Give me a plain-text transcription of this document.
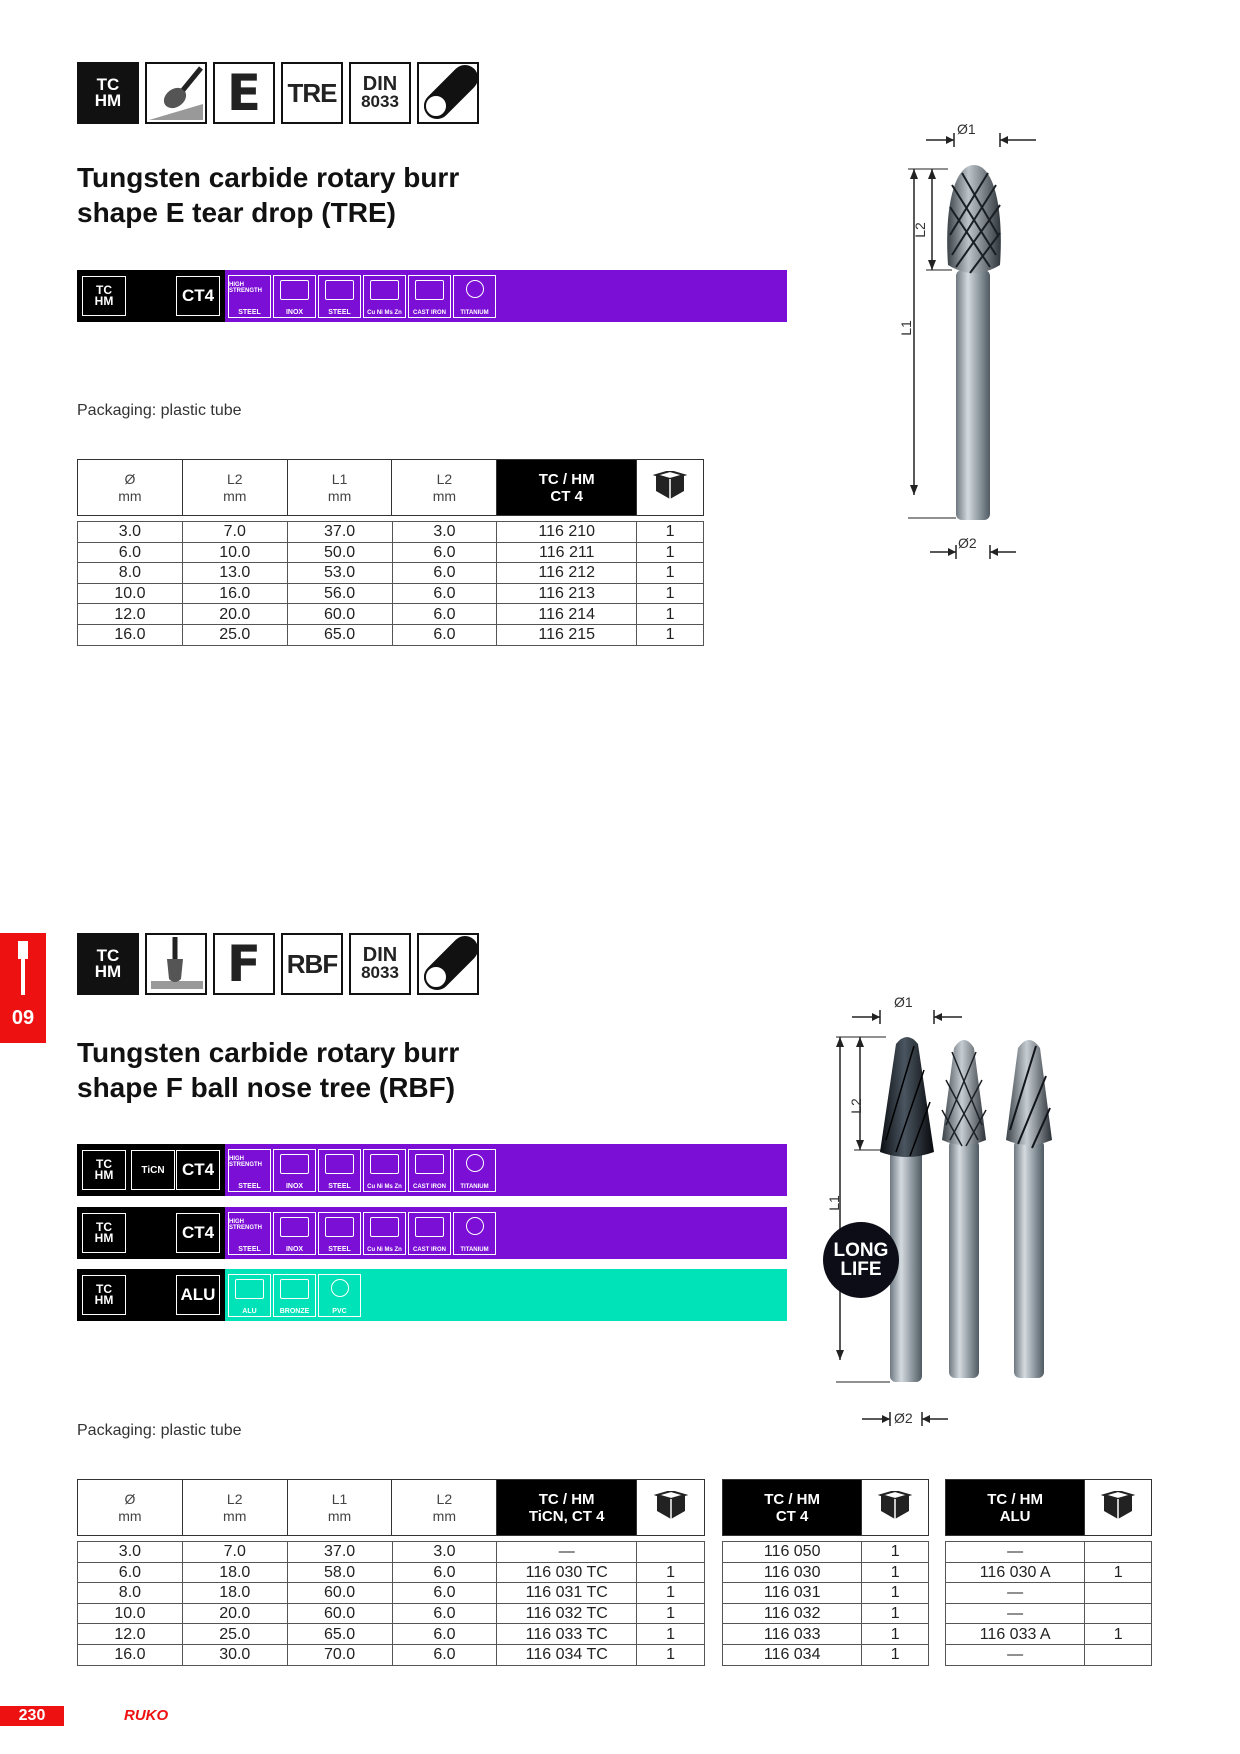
TC
HM E TRE DIN
8033
Tungsten carbide rotary burr
shape E tear drop (TRE)
TC
HM	CT4
HIGH STRENGTH
STEEL	INOX	STEEL	Cu Ni Ms Zn CAST IRON TITANIUM
Packaging: plastic tube
Ø
mm

L2
mm

L1
mm

L2
mm

TC / HM
CT 4

3.0	7.0	37.0	3.0	116 210	1
6.0	10.0	50.0	6.0	116 211	1
8.0	13.0	53.0	6.0	116 212	1
10.0	16.0	56.0	6.0	116 213	1
12.0	20.0	60.0	6.0	116 214	1
16.0	25.0	65.0	6.0	116 215	1
Ø1
L2
L1
Ø2
09
TC
HM F RBF DIN
8033
Tungsten carbide rotary burr
shape F ball nose tree (RBF)
TC
HM	TiCN	CT4
HIGH STRENGTH
STEEL	INOX	STEEL	Cu Ni Ms Zn CAST IRON TITANIUM
TC
HM	CT4
HIGH STRENGTH
STEEL	INOX	STEEL	Cu Ni Ms Zn CAST IRON TITANIUM
TC
HM	ALU
ALU	BRONZE	PVC
Packaging: plastic tube
Ø
mm

L2
mm

L1
mm

L2
mm

TC / HM
TiCN, CT 4

3.0	7.0	37.0	3.0	—	
6.0	18.0	58.0	6.0	116 030 TC	1
8.0	18.0	60.0	6.0	116 031 TC	1
10.0	20.0	60.0	6.0	116 032 TC	1
12.0	25.0	65.0	6.0	116 033 TC	1
16.0	30.0	70.0	6.0	116 034 TC	1
TC / HM
CT 4

116 050	1
116 030	1
116 031	1
116 032	1
116 033	1
116 034	1
TC / HM
ALU

—	
116 030 A	1
—	
—	
116 033 A	1
—	
Ø1
L2
L1
Ø2
LONG
LIFE
230	RUKO
